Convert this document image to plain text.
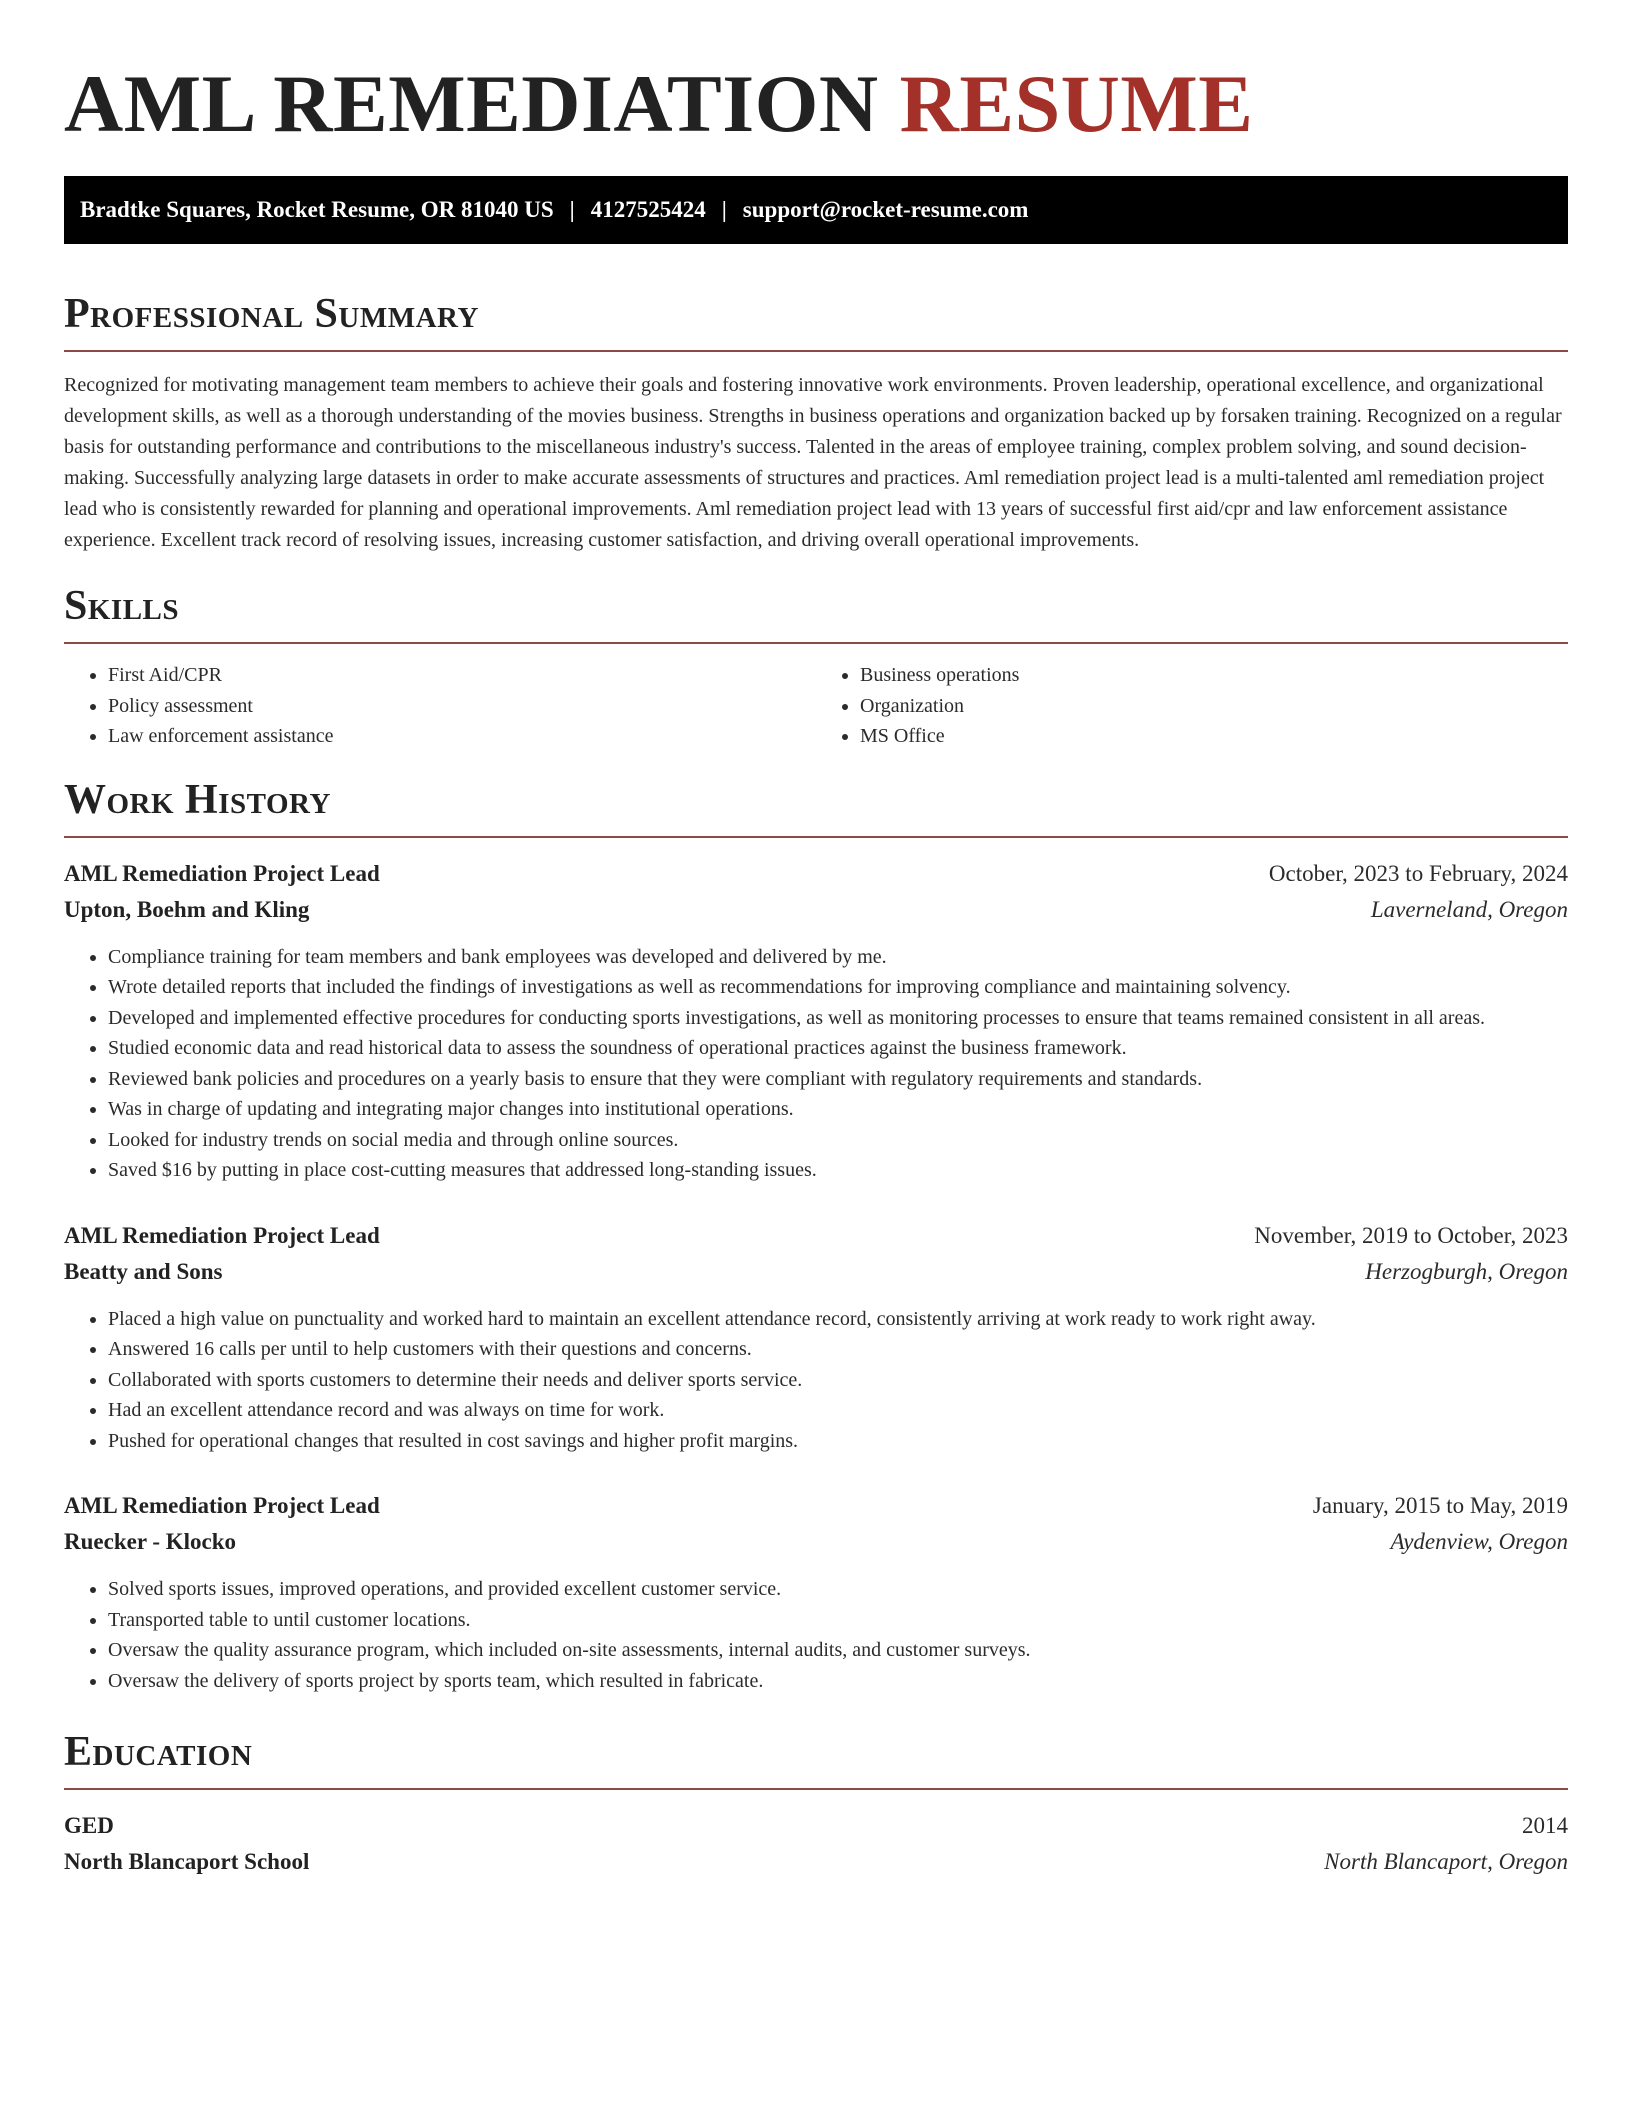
AML REMEDIATION RESUME
Bradtke Squares, Rocket Resume, OR 81040 US | 4127525424 | support@rocket-resume.com
Professional Summary

Recognized for motivating management team members to achieve their goals and fostering innovative work environments. Proven leadership, operational excellence, and organizational development skills, as well as a thorough understanding of the movies business. Strengths in business operations and organization backed up by forsaken training. Recognized on a regular basis for outstanding performance and contributions to the miscellaneous industry's success. Talented in the areas of employee training, complex problem solving, and sound decision-making. Successfully analyzing large datasets in order to make accurate assessments of structures and practices. Aml remediation project lead is a multi-talented aml remediation project lead who is consistently rewarded for planning and operational improvements. Aml remediation project lead with 13 years of successful first aid/cpr and law enforcement assistance experience. Excellent track record of resolving issues, increasing customer satisfaction, and driving overall operational improvements.

Skills
• First Aid/CPR
• Policy assessment
• Law enforcement assistance
• Business operations
• Organization
• MS Office
Work History
AML Remediation Project Lead	October, 2023 to February, 2024
Upton, Boehm and Kling	Laverneland, Oregon
• Compliance training for team members and bank employees was developed and delivered by me.
• Wrote detailed reports that included the findings of investigations as well as recommendations for improving compliance and maintaining solvency.
• Developed and implemented effective procedures for conducting sports investigations, as well as monitoring processes to ensure that teams remained consistent in all areas.
• Studied economic data and read historical data to assess the soundness of operational practices against the business framework.
• Reviewed bank policies and procedures on a yearly basis to ensure that they were compliant with regulatory requirements and standards.
• Was in charge of updating and integrating major changes into institutional operations.
• Looked for industry trends on social media and through online sources.
• Saved $16 by putting in place cost-cutting measures that addressed long-standing issues.
AML Remediation Project Lead	November, 2019 to October, 2023
Beatty and Sons	Herzogburgh, Oregon
• Placed a high value on punctuality and worked hard to maintain an excellent attendance record, consistently arriving at work ready to work right away.
• Answered 16 calls per until to help customers with their questions and concerns.
• Collaborated with sports customers to determine their needs and deliver sports service.
• Had an excellent attendance record and was always on time for work.
• Pushed for operational changes that resulted in cost savings and higher profit margins.
AML Remediation Project Lead	January, 2015 to May, 2019
Ruecker - Klocko	Aydenview, Oregon
• Solved sports issues, improved operations, and provided excellent customer service.
• Transported table to until customer locations.
• Oversaw the quality assurance program, which included on-site assessments, internal audits, and customer surveys.
• Oversaw the delivery of sports project by sports team, which resulted in fabricate.
Education
GED	2014
North Blancaport School	North Blancaport, Oregon
